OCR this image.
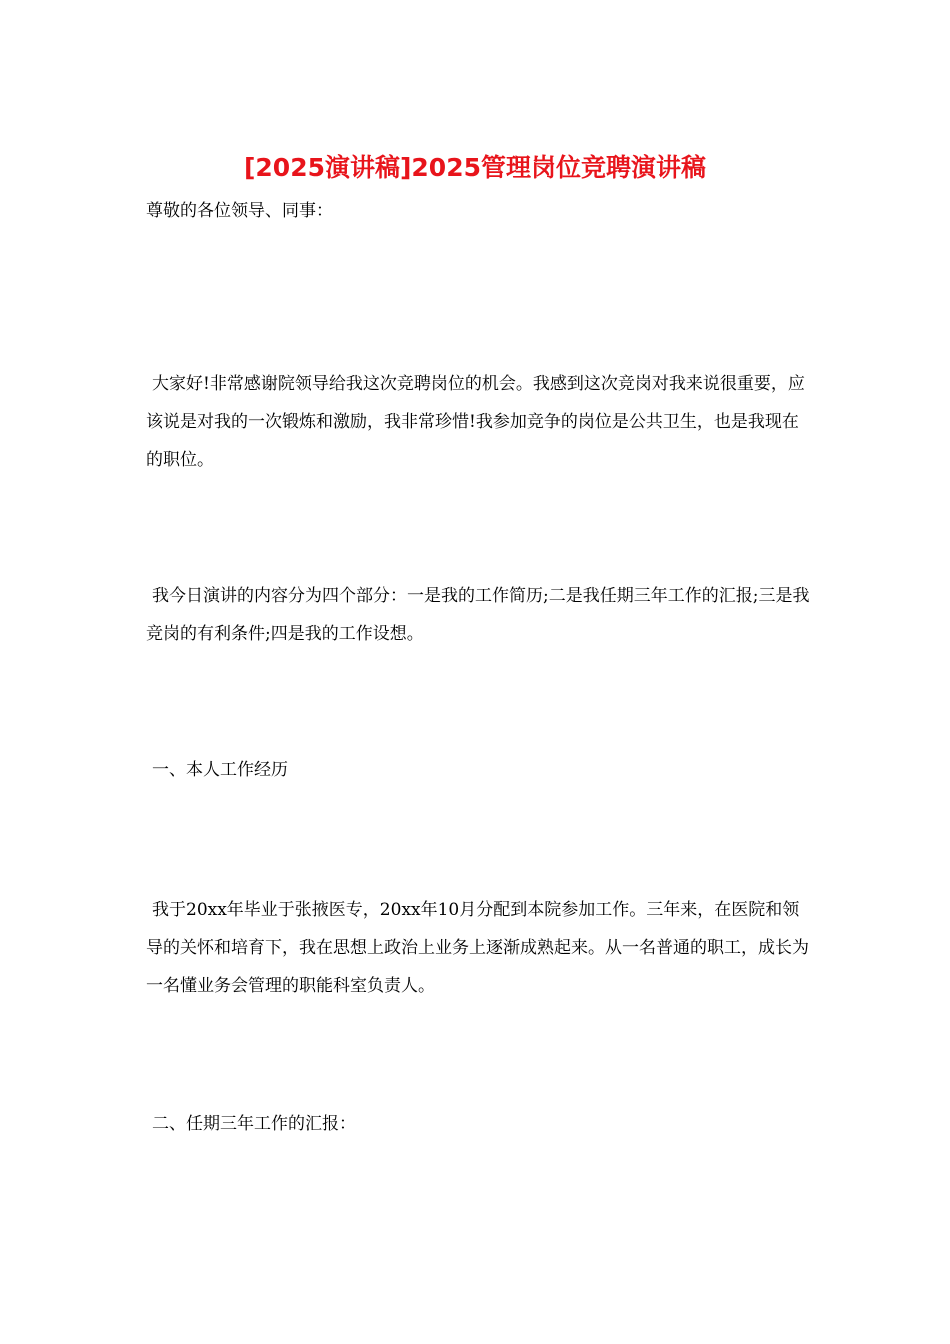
[2025演讲稿]2025管理岗位竞聘演讲稿
尊敬的各位领导、同事：

大家好!非常感谢院领导给我这次竞聘岗位的机会。我感到这次竞岗对我来说很重要，应该说是对我的一次锻炼和激励，我非常珍惜!我参加竞争的岗位是公共卫生，也是我现在的职位。

我今日演讲的内容分为四个部分：一是我的工作简历;二是我任期三年工作的汇报;三是我竞岗的有利条件;四是我的工作设想。

一、本人工作经历

我于20xx年毕业于张掖医专，20xx年10月分配到本院参加工作。三年来，在医院和领导的关怀和培育下，我在思想上政治上业务上逐渐成熟起来。从一名普通的职工，成长为一名懂业务会管理的职能科室负责人。

二、任期三年工作的汇报：
